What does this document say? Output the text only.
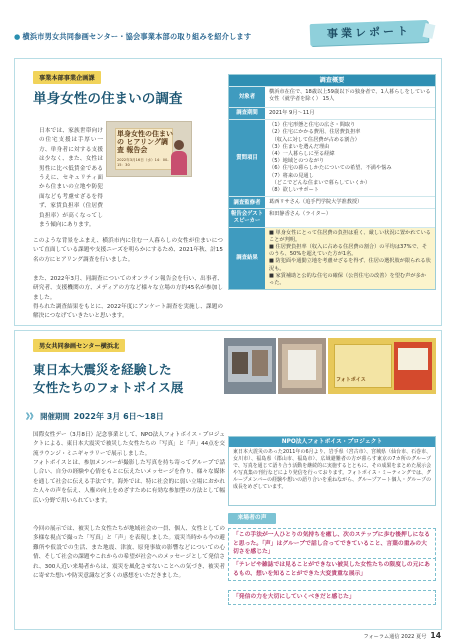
● 横浜市男女共同参画センター・協会事業本部の取り組みを紹介します	事業レポート
事業本部事業企画課
単身女性の住まいの調査
日本では、家族世帯向けの住宅支援は手厚い一方、単身者に対する支援は少なく、また、女性は男性に比べ低賃金であるうえに、セキュリティ面から住まいの立地や防犯面なども考慮せざるを得ず、家賃負担率（住居費負担率）が高くなってしまう傾向にあります。
このような背景をふまえ、横浜市内に住む一人暮らしの女性が住まいについて直面している課題や支援ニーズを明らかにするため、2021年秋、計15名の方にヒアリング調査を行いました。
また、2022年3月、同調査についてのオンライン報告会を行い、出事者、研究者、支援機関の方、メディアの方など様々な立場の方約45名が参加しました。
得られた調査結果をもとに、2022年度にアンケート調査を実施し、課題の解決につなげていきたいと思います。
単身女性の住まいの ヒアリング調査 報告会
2022年3月16日（水）14：00-15：30
調査概要
対象者
横浜市在住で、18歳以上59歳以下の独身者で、1人暮らしをしている女性（就学者を除く） 15人
調査期間	2021年 9月～11月
質問項目
（1）住宅形態と住宅の広さ・間取り
（2）住宅にかかる費用、住居費負担率
　（収入に対して住居費が占める割合）
（3）住まいを選んだ理由
（4）一人暮らしに至る経緯
（5）地域とのつながり
（6）住宅の暮らしかたについての希望、不満や悩み
（7）将来の見通し
　（どこでどんな住まいで暮らしていくか）
（8）欲しいサポート
調査監修者	葛西リサさん（追手門学院大学准教授）
報告会ゲストスピーカー
和田静香さん（ライター）
調査結果
■ 単身女性にとって住居費の負担は重く、厳しい状況に置かれていることが判明。
■ 住居費負担率（収入に占める住居費の割合）の平均は37%で、そのうち、50%を超えていた方が1名。
■ 防犯面や通勤立地を考慮せざるを得ず、住居の選択肢が限られる状況も。
■ 家賃補助と公的な住宅の確保（公営住宅の改善）を望む声が多かった。
男女共同参画センター横浜北
東日本大震災を経験した
女性たちのフォトボイス展
国際女性デー（3月8日）記念事業として、NPO法人フォトボイス・プロジェクトによる、東日本大震災で被災した女性たちの「写真」と「声」44点を交流ラウンジ・ミニギャラリーで展示しました。
フォトボイスとは、参加メンバーが撮影した写真を持ち寄ってグループで話し合い、自分の経験や心情をもとに伝えたいメッセージを作り、様々な媒体を通して社会に伝える手法です。海外では、特に社会的に弱い立場におかれた人々の声を伝え、人権の向上をめざすために有効な参加型の方法として幅広い分野で用いられています。
今回の展示では、被災した女性たちが地域社会の一員、個人、女性としての多様な視点で撮った「写真」と「声」を表現しました。震災当時から今の避難所や仮設での生活、また地震、津波、原発事故の影響などについての心情、そして社会の課題やこれからの希望が社会へのメッセージとして発信され、300人近い来場者からは、震災を風化させないことへの気づき、被災者に寄せた想いや防災意識など多くの感想をいただきました。
》》 開催期間 2022年 3月 6日～18日
フォトボイス
NPO法人フォトボイス・プロジェクト
東日本大震災のあった2011年の6月より、岩手県（宮古市）、宮城県（仙台市、石巻市、女川市）、福島県（郡山市、福島市）、広域避難者の方が暮らす東京の7カ所のグループで、写真を通じて語り合う活動を継続的に実施するとともに、その成果をまとめた展示会や写真集の刊行などにより発信を行っております。フォトボイス・ミーティングでは、グループメンバーの経験や想いの語り合いを重ねながら、グループアート個人・グループの成長をめざしています。
来場者の声
「この手法が一人ひとりの気持ちを癒し、次のステップに歩む後押しになると思った。「声」はグループで話し合ってできていること、言葉の重みの大切さを感じた」
「テレビや雑誌では見ることができない被災した女性たちの限度しの元にあるもの、想いを知ることができた大変貴重な展示」
「発信の力を大切にしていくべきだと感じた」
フォーラム通信 2022 夏号 14
